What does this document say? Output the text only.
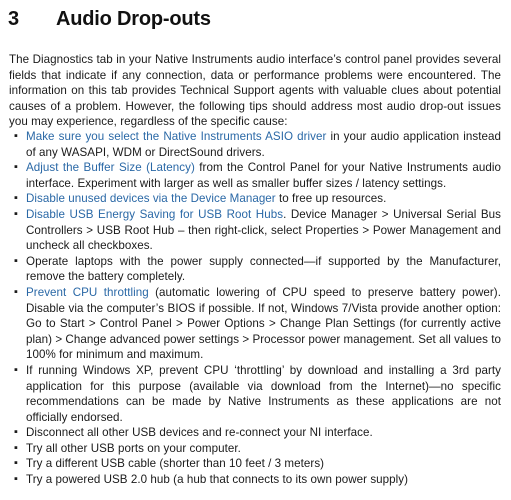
3	Audio Drop-outs

The Diagnostics tab in your Native Instruments audio interface’s control panel provides several fields that indicate if any connection, data or performance problems were encountered. The information on this tab provides Technical Support agents with valuable clues about potential causes of a problem. However, the following tips should address most audio drop-out issues you may experience, regardless of the specific cause:

▪ Make sure you select the Native Instruments ASIO driver in your audio application instead of any WASAPI, WDM or DirectSound drivers.
▪ Adjust the Buffer Size (Latency) from the Control Panel for your Native Instruments audio interface. Experiment with larger as well as smaller buffer sizes / latency settings.
▪ Disable unused devices via the Device Manager to free up resources.
▪ Disable USB Energy Saving for USB Root Hubs. Device Manager > Universal Serial Bus Controllers > USB Root Hub – then right-click, select Properties > Power Management and uncheck all checkboxes.
▪ Operate laptops with the power supply connected—if supported by the Manufacturer, remove the battery completely.
▪ Prevent CPU throttling (automatic lowering of CPU speed to preserve battery power). Disable via the computer’s BIOS if possible. If not, Windows 7/Vista provide another option: Go to Start > Control Panel > Power Options > Change Plan Settings (for currently active plan) > Change advanced power settings > Processor power management. Set all values to 100% for minimum and maximum.
▪ If running Windows XP, prevent CPU ‘throttling’ by download and installing a 3rd party application for this purpose (available via download from the Internet)—no specific recommendations can be made by Native Instruments as these applications are not officially endorsed.
▪ Disconnect all other USB devices and re-connect your NI interface.
▪ Try all other USB ports on your computer.
▪ Try a different USB cable (shorter than 10 feet / 3 meters)
▪ Try a powered USB 2.0 hub (a hub that connects to its own power supply)
